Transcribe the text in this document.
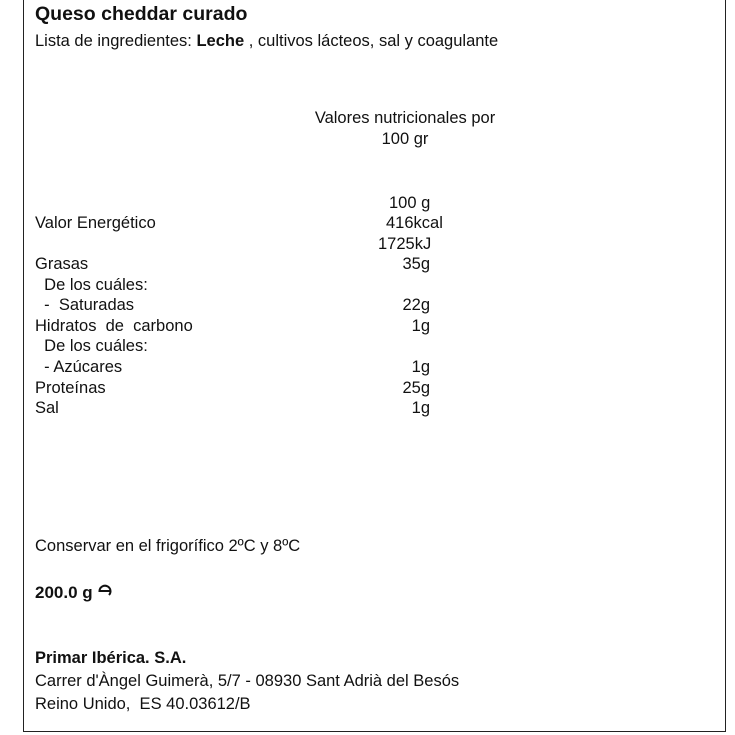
Queso cheddar curado
Lista de ingredientes: Leche , cultivos lácteos, sal y coagulante
Valores nutricionales por 100 gr
100 g
Valor Energético	416kcal
1725kJ
Grasas	35g
De los cuáles:
-  Saturadas	22g
Hidratos  de  carbono	1g
De los cuáles:
- Azúcares	1g
Proteínas	25g
Sal	1g
Conservar en el frigorífico 2ºC y 8ºC
200.0 g
Primar Ibérica. S.A.
Carrer d'Àngel Guimerà, 5/7 - 08930 Sant Adrià del Besós
Reino Unido,  ES 40.03612/B
